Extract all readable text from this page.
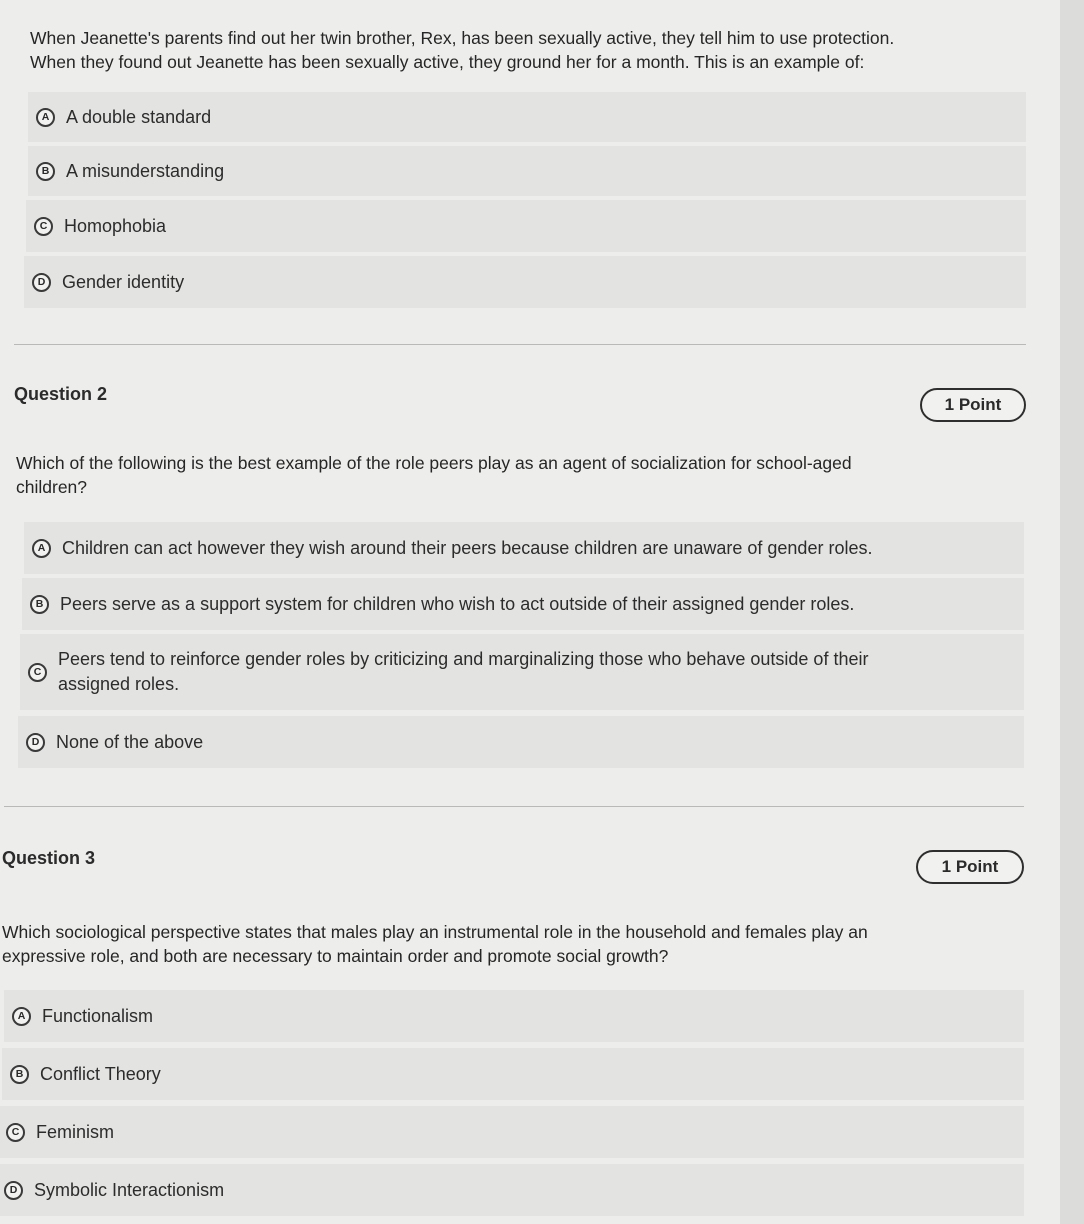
When Jeanette's parents find out her twin brother, Rex, has been sexually active, they tell him to use protection.
When they found out Jeanette has been sexually active, they ground her for a month. This is an example of:
A A double standard
B A misunderstanding
C Homophobia
D Gender identity
Question 2
1 Point
Which of the following is the best example of the role peers play as an agent of socialization for school-aged
children?
A Children can act however they wish around their peers because children are unaware of gender roles.
B Peers serve as a support system for children who wish to act outside of their assigned gender roles.
C
Peers tend to reinforce gender roles by criticizing and marginalizing those who behave outside of their
assigned roles.
D None of the above
Question 3	1 Point
Which sociological perspective states that males play an instrumental role in the household and females play an
expressive role, and both are necessary to maintain order and promote social growth?
A Functionalism
B Conflict Theory
C Feminism
D Symbolic Interactionism
